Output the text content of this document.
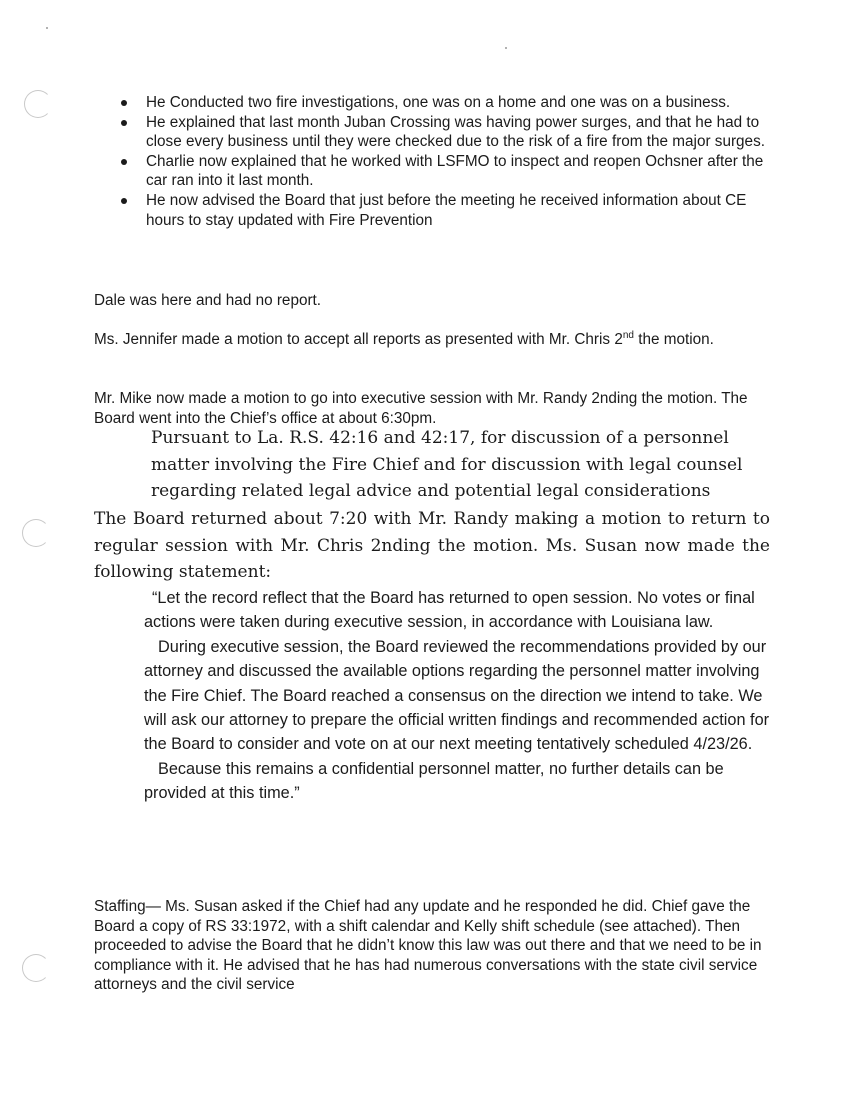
He Conducted two fire investigations, one was on a home and one was on a business.
He explained that last month Juban Crossing was having power surges, and that he had to close every business until they were checked due to the risk of a fire from the major surges.
Charlie now explained that he worked with LSFMO to inspect and reopen Ochsner after the car ran into it last month.
He now advised the Board that just before the meeting he received information about CE hours to stay updated with Fire Prevention

Dale was here and had no report.

Ms. Jennifer made a motion to accept all reports as presented with Mr. Chris 2nd the motion.

Mr. Mike now made a motion to go into executive session with Mr. Randy 2nding the motion. The Board went into the Chief’s office at about 6:30pm.

Pursuant to La. R.S. 42:16 and 42:17, for discussion of a personnel matter involving the Fire Chief and for discussion with legal counsel regarding related legal advice and potential legal considerations

The Board returned about 7:20 with Mr. Randy making a motion to return to regular session with Mr. Chris 2nding the motion. Ms. Susan now made the following statement:

“Let the record reflect that the Board has returned to open session. No votes or final actions were taken during executive session, in accordance with Louisiana law.

During executive session, the Board reviewed the recommendations provided by our attorney and discussed the available options regarding the personnel matter involving the Fire Chief. The Board reached a consensus on the direction we intend to take. We will ask our attorney to prepare the official written findings and recommended action for the Board to consider and vote on at our next meeting tentatively scheduled 4/23/26.

Because this remains a confidential personnel matter, no further details can be provided at this time.”

Staffing— Ms. Susan asked if the Chief had any update and he responded he did. Chief gave the Board a copy of RS 33:1972, with a shift calendar and Kelly shift schedule (see attached). Then proceeded to advise the Board that he didn’t know this law was out there and that we need to be in compliance with it. He advised that he has had numerous conversations with the state civil service attorneys and the civil service
